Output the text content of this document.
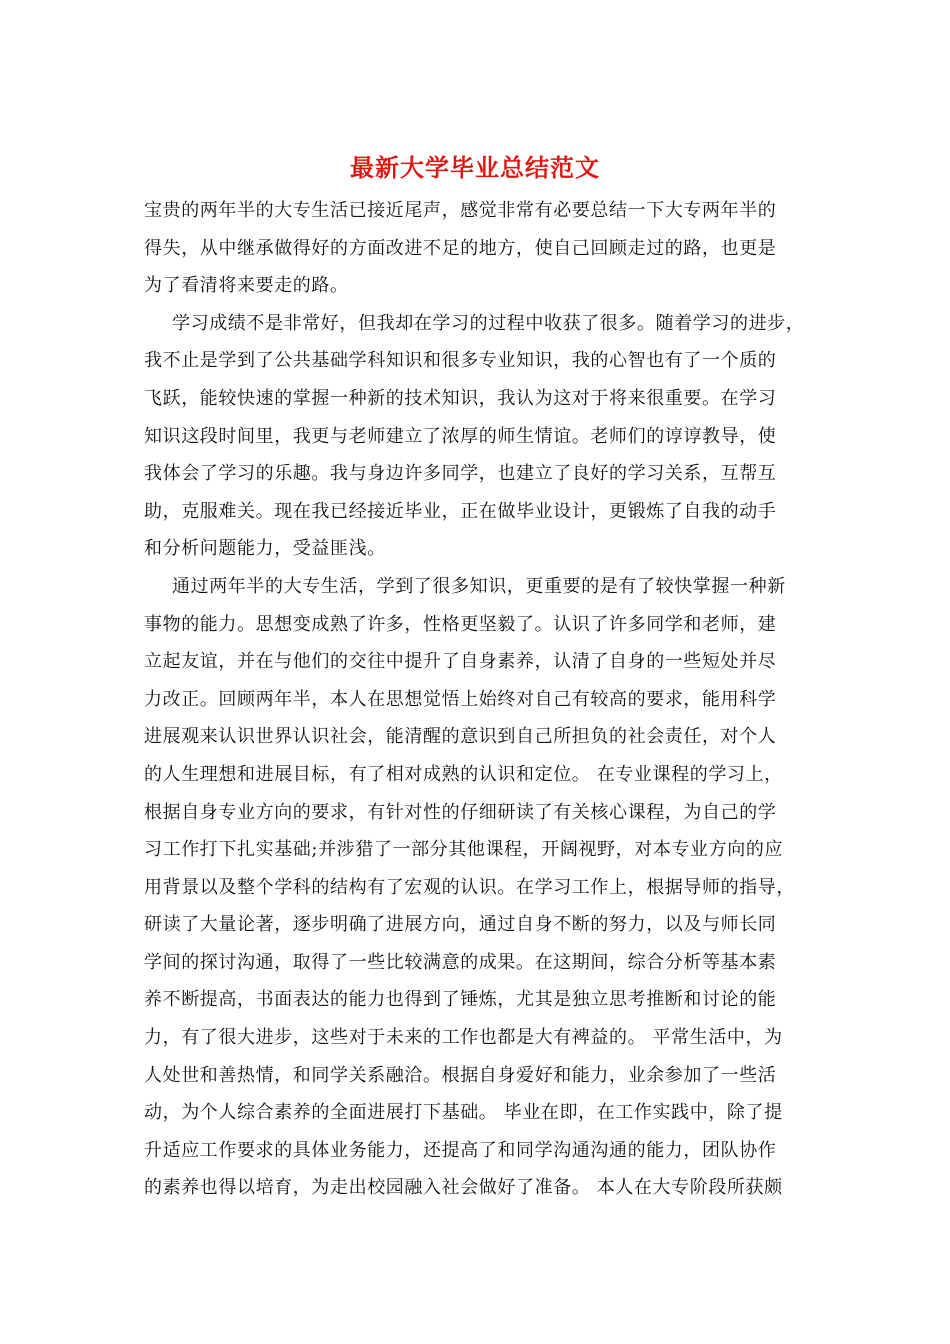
最新大学毕业总结范文
宝贵的两年半的大专生活已接近尾声，感觉非常有必要总结一下大专两年半的
得失，从中继承做得好的方面改进不足的地方，使自己回顾走过的路，也更是
为了看清将来要走的路。
学习成绩不是非常好，但我却在学习的过程中收获了很多。随着学习的进步，
我不止是学到了公共基础学科知识和很多专业知识，我的心智也有了一个质的
飞跃，能较快速的掌握一种新的技术知识，我认为这对于将来很重要。在学习
知识这段时间里，我更与老师建立了浓厚的师生情谊。老师们的谆谆教导，使
我体会了学习的乐趣。我与身边许多同学，也建立了良好的学习关系，互帮互
助，克服难关。现在我已经接近毕业，正在做毕业设计，更锻炼了自我的动手
和分析问题能力，受益匪浅。
通过两年半的大专生活，学到了很多知识，更重要的是有了较快掌握一种新
事物的能力。思想变成熟了许多，性格更坚毅了。认识了许多同学和老师，建
立起友谊，并在与他们的交往中提升了自身素养，认清了自身的一些短处并尽
力改正。回顾两年半，本人在思想觉悟上始终对自己有较高的要求，能用科学
进展观来认识世界认识社会，能清醒的意识到自己所担负的社会责任，对个人
的人生理想和进展目标，有了相对成熟的认识和定位。 在专业课程的学习上，
根据自身专业方向的要求，有针对性的仔细研读了有关核心课程，为自己的学
习工作打下扎实基础;并涉猎了一部分其他课程，开阔视野，对本专业方向的应
用背景以及整个学科的结构有了宏观的认识。在学习工作上，根据导师的指导，
研读了大量论著，逐步明确了进展方向，通过自身不断的努力，以及与师长同
学间的探讨沟通，取得了一些比较满意的成果。在这期间，综合分析等基本素
养不断提高，书面表达的能力也得到了锤炼，尤其是独立思考推断和讨论的能
力，有了很大进步，这些对于未来的工作也都是大有裨益的。 平常生活中，为
人处世和善热情，和同学关系融洽。根据自身爱好和能力，业余参加了一些活
动，为个人综合素养的全面进展打下基础。 毕业在即，在工作实践中，除了提
升适应工作要求的具体业务能力，还提高了和同学沟通沟通的能力，团队协作
的素养也得以培育，为走出校园融入社会做好了准备。 本人在大专阶段所获颇
